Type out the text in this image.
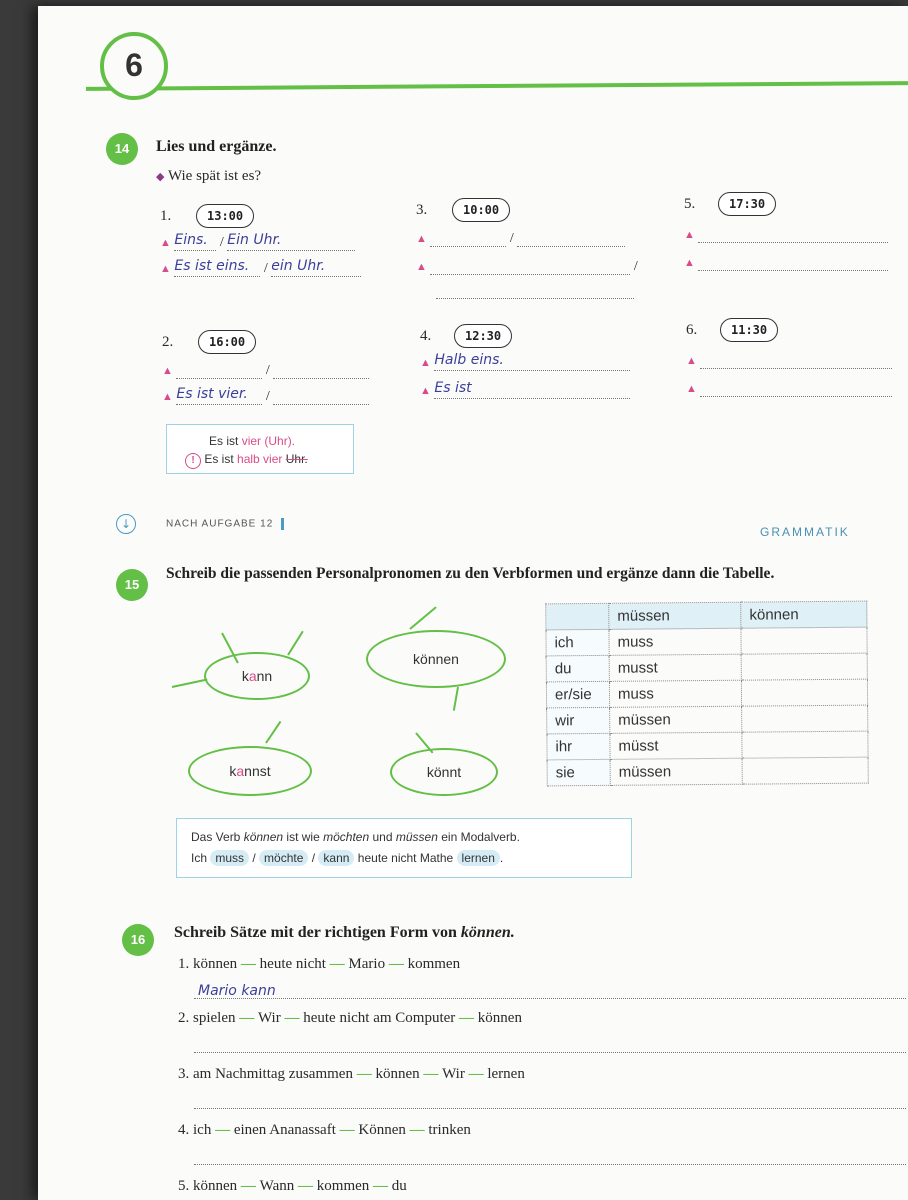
6
14	Lies und ergänze.
◆ Wie spät ist es?
1.	13:00
▲ Eins. / Ein Uhr.
▲ Es ist eins. / ein Uhr.
3.	10:00
▲	/
▲	/
5.	17:30
▲
▲
2.	16:00
▲	/
▲ Es ist vier. /
4.	12:30
▲ Halb eins.
▲ Es ist
6.	11:30
▲
▲
Es ist vier (Uhr).
! Es ist halb vier Uhr.
↓	NACH AUFGABE 12
GRAMMATIK
15
Schreib die passenden Personalpronomen zu den Verbformen und ergänze dann die Tabelle.
kann
können
kannst	könnt
	müssen	können
ich	muss	
du	musst	
er/sie	muss	
wir	müssen	
ihr	müsst	
sie	müssen	
Das Verb können ist wie möchten und müssen ein Modalverb.
Ich muss / möchte / kann heute nicht Mathe lernen .
16	Schreib Sätze mit der richtigen Form von können.
1. können — heute nicht — Mario — kommen
Mario kann
2. spielen — Wir — heute nicht am Computer — können
3. am Nachmittag zusammen — können — Wir — lernen
4. ich — einen Ananassaft — Können — trinken
5. können — Wann — kommen — du
